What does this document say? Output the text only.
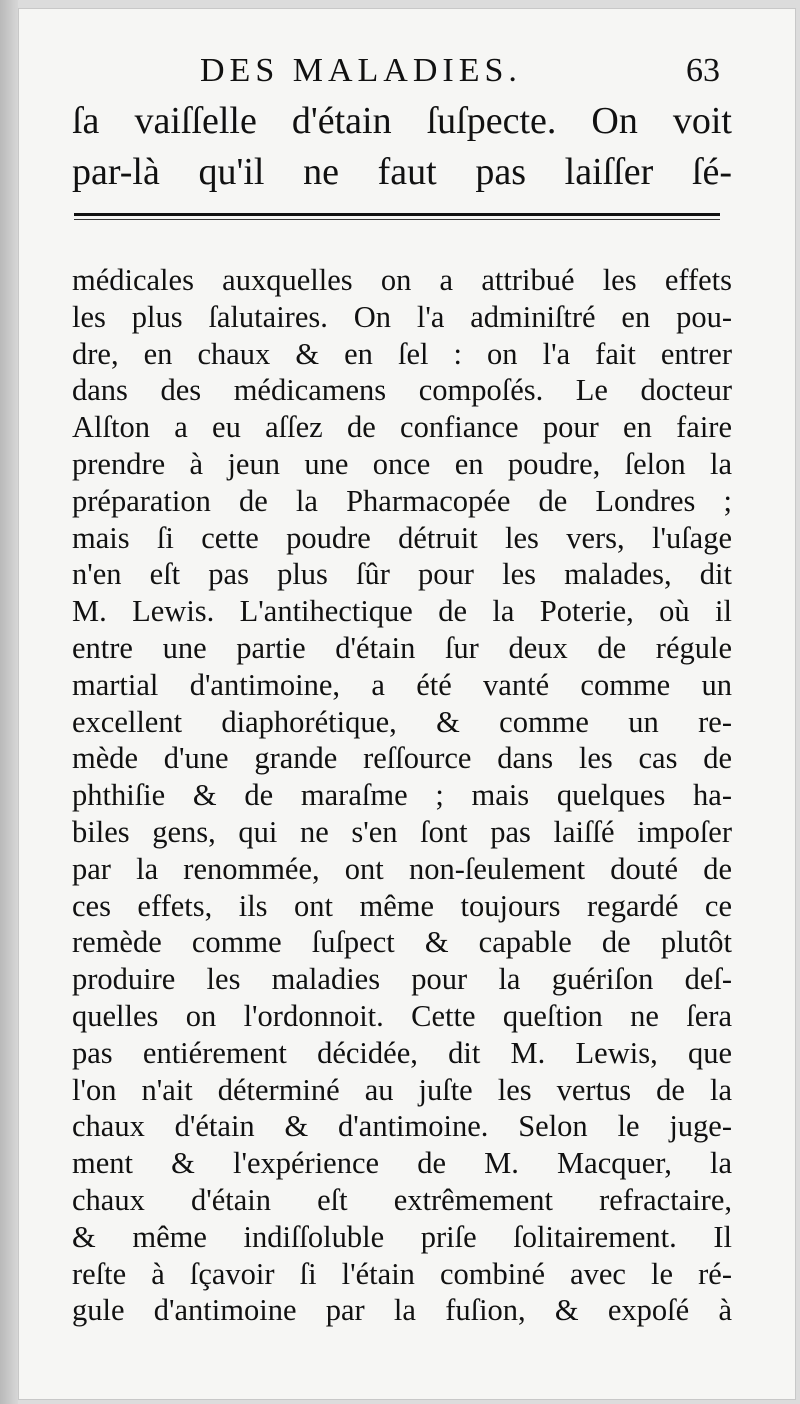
DES MALADIES.	63
ſa vaiſſelle d'étain ſuſpecte. On voit
par-là qu'il ne faut pas laiſſer ſé-
médicales auxquelles on a attribué les effets
les plus ſalutaires. On l'a adminiſtré en pou-
dre, en chaux & en ſel : on l'a fait entrer
dans des médicamens compoſés. Le docteur
Alſton a eu aſſez de confiance pour en faire
prendre à jeun une once en poudre, ſelon la
préparation de la Pharmacopée de Londres ;
mais ſi cette poudre détruit les vers, l'uſage
n'en eſt pas plus ſûr pour les malades, dit
M. Lewis. L'antihectique de la Poterie, où il
entre une partie d'étain ſur deux de régule
martial d'antimoine, a été vanté comme un
excellent diaphorétique, & comme un re-
mède d'une grande reſſource dans les cas de
phthiſie & de maraſme ; mais quelques ha-
biles gens, qui ne s'en ſont pas laiſſé impoſer
par la renommée, ont non-ſeulement douté de
ces effets, ils ont même toujours regardé ce
remède comme ſuſpect & capable de plutôt
produire les maladies pour la guériſon deſ-
quelles on l'ordonnoit. Cette queſtion ne ſera
pas entiérement décidée, dit M. Lewis, que
l'on n'ait déterminé au juſte les vertus de la
chaux d'étain & d'antimoine. Selon le juge-
ment & l'expérience de M. Macquer, la
chaux d'étain eſt extrêmement refractaire,
& même indiſſoluble priſe ſolitairement. Il
reſte à ſçavoir ſi l'étain combiné avec le ré-
gule d'antimoine par la fuſion, & expoſé à
